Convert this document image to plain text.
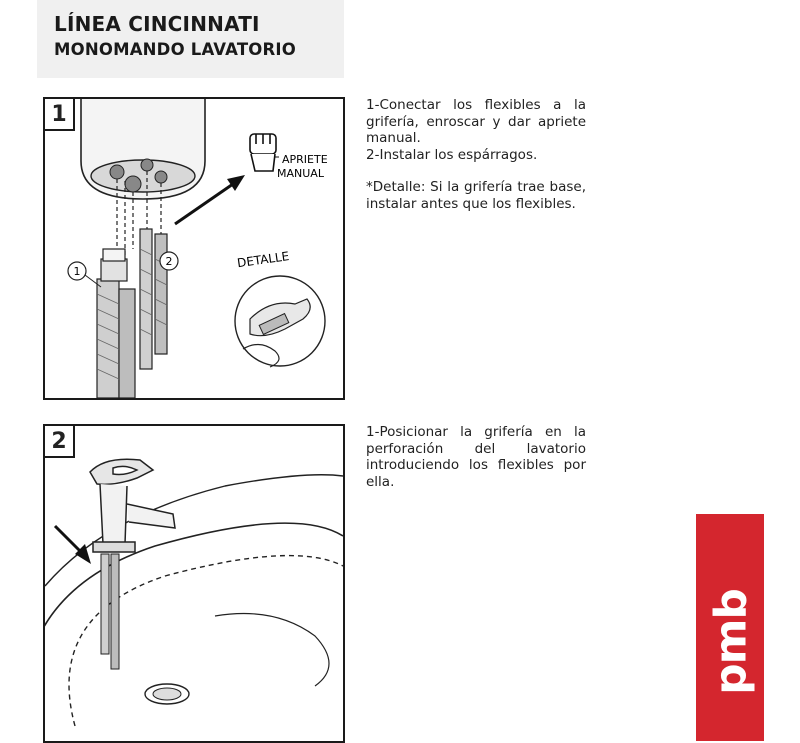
LÍNEA CINCINNATI
MONOMANDO LAVATORIO
1
1
2
APRIETE
MANUAL
DETALLE

1-Conectar los flexibles a la grifería, enroscar y dar apriete manual.

2-Instalar los espárragos.

*Detalle: Si la grifería trae base, instalar antes que los flexibles.

2	1-Posicionar la grifería en la perforación del lavatorio introduciendo los flexibles por ella.

pmb
